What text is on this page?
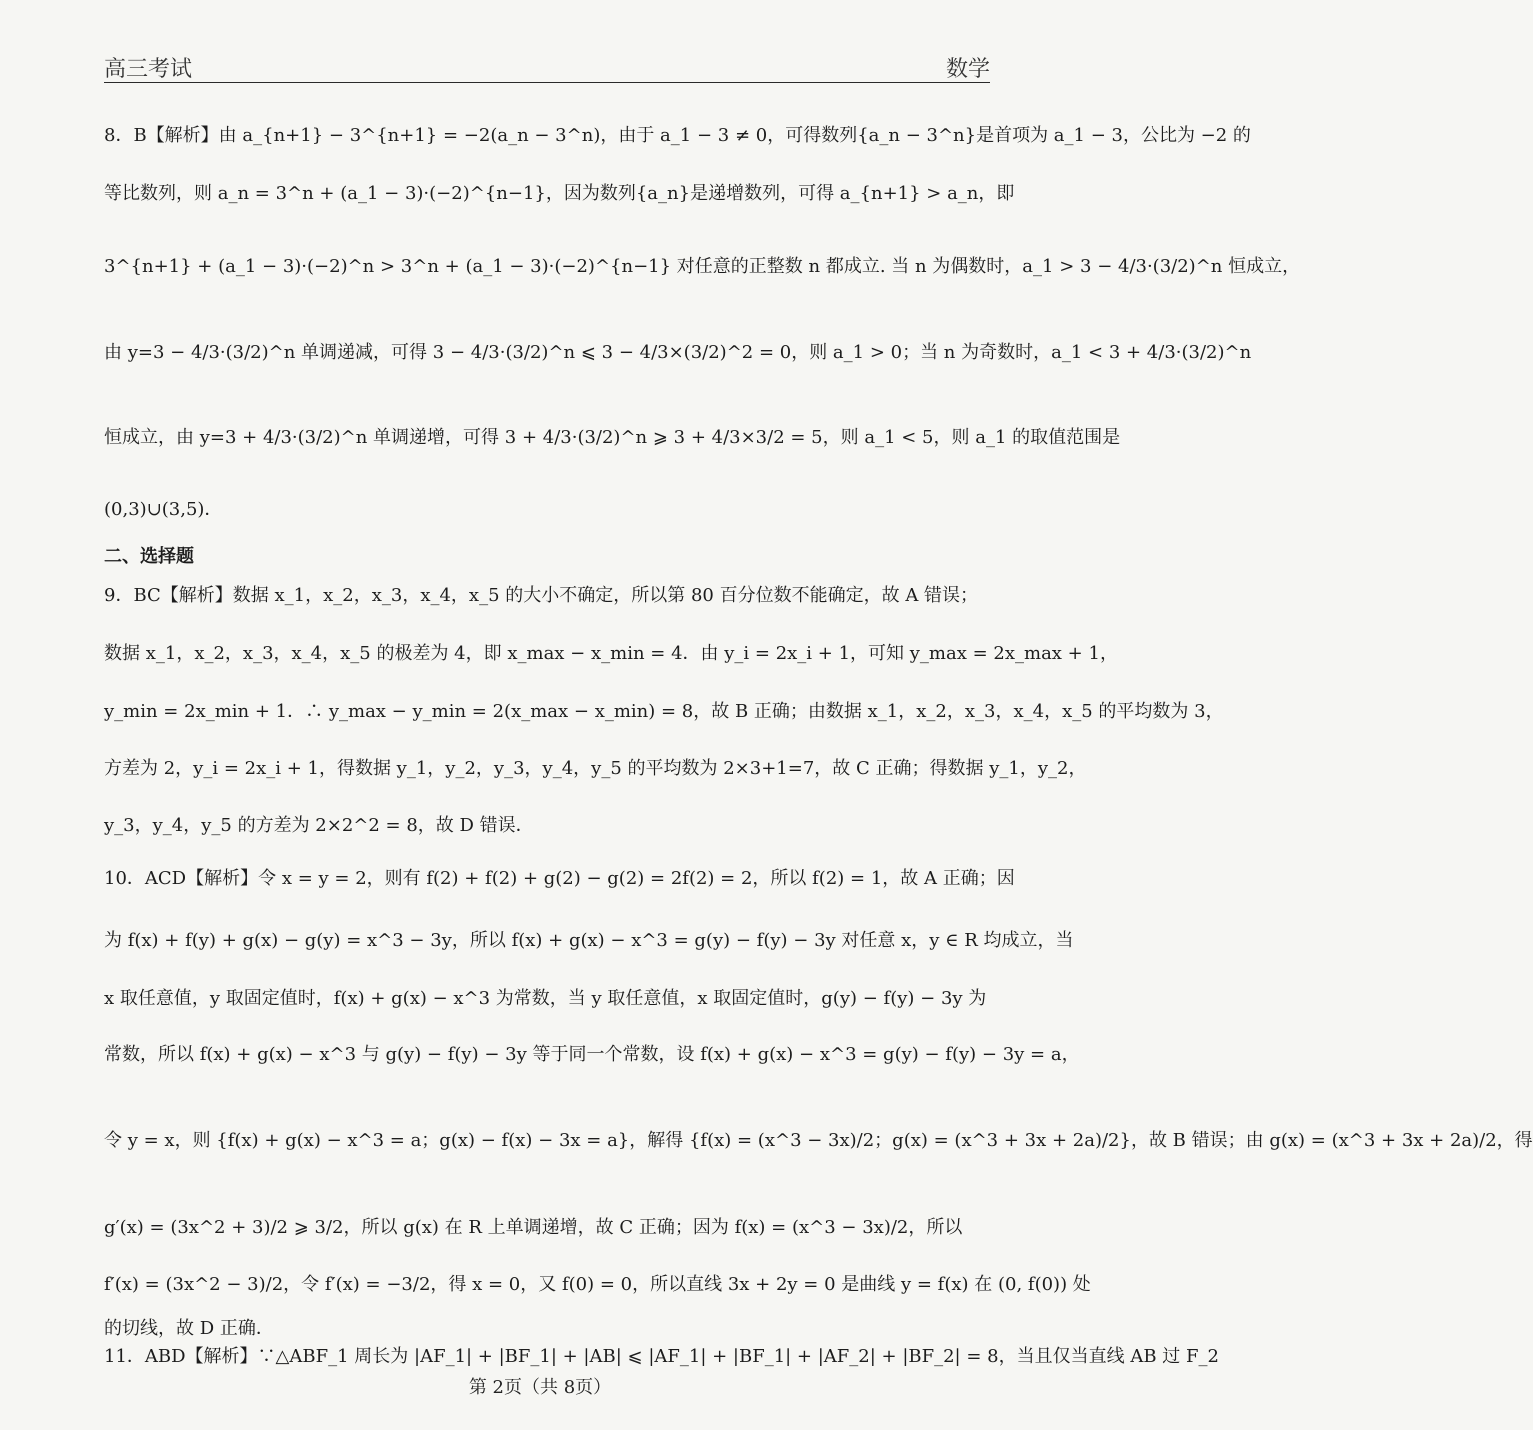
高三考试	数学
8．B【解析】由 a_{n+1} − 3^{n+1} = −2(a_n − 3^n)，由于 a_1 − 3 ≠ 0，可得数列{a_n − 3^n}是首项为 a_1 − 3，公比为 −2 的
等比数列，则 a_n = 3^n + (a_1 − 3)·(−2)^{n−1}，因为数列{a_n}是递增数列，可得 a_{n+1} > a_n，即
3^{n+1} + (a_1 − 3)·(−2)^n > 3^n + (a_1 − 3)·(−2)^{n−1} 对任意的正整数 n 都成立. 当 n 为偶数时，a_1 > 3 − 4/3·(3/2)^n 恒成立，
由 y=3 − 4/3·(3/2)^n 单调递减，可得 3 − 4/3·(3/2)^n ⩽ 3 − 4/3×(3/2)^2 = 0，则 a_1 > 0；当 n 为奇数时，a_1 < 3 + 4/3·(3/2)^n
恒成立，由 y=3 + 4/3·(3/2)^n 单调递增，可得 3 + 4/3·(3/2)^n ⩾ 3 + 4/3×3/2 = 5，则 a_1 < 5，则 a_1 的取值范围是
(0,3)∪(3,5)．
二、选择题
9．BC【解析】数据 x_1，x_2，x_3，x_4，x_5 的大小不确定，所以第 80 百分位数不能确定，故 A 错误；
数据 x_1，x_2，x_3，x_4，x_5 的极差为 4，即 x_max − x_min = 4．由 y_i = 2x_i + 1，可知 y_max = 2x_max + 1，
y_min = 2x_min + 1．∴ y_max − y_min = 2(x_max − x_min) = 8，故 B 正确；由数据 x_1，x_2，x_3，x_4，x_5 的平均数为 3，
方差为 2，y_i = 2x_i + 1，得数据 y_1，y_2，y_3，y_4，y_5 的平均数为 2×3+1=7，故 C 正确；得数据 y_1，y_2，
y_3，y_4，y_5 的方差为 2×2^2 = 8，故 D 错误．
10．ACD【解析】令 x = y = 2，则有 f(2) + f(2) + g(2) − g(2) = 2f(2) = 2，所以 f(2) = 1，故 A 正确；因
为 f(x) + f(y) + g(x) − g(y) = x^3 − 3y，所以 f(x) + g(x) − x^3 = g(y) − f(y) − 3y 对任意 x，y ∈ R 均成立，当
x 取任意值，y 取固定值时，f(x) + g(x) − x^3 为常数，当 y 取任意值，x 取固定值时，g(y) − f(y) − 3y 为
常数，所以 f(x) + g(x) − x^3 与 g(y) − f(y) − 3y 等于同一个常数，设 f(x) + g(x) − x^3 = g(y) − f(y) − 3y = a，
令 y = x，则 {f(x) + g(x) − x^3 = a；g(x) − f(x) − 3x = a}，解得 {f(x) = (x^3 − 3x)/2；g(x) = (x^3 + 3x + 2a)/2}，故 B 错误；由 g(x) = (x^3 + 3x + 2a)/2，得
g′(x) = (3x^2 + 3)/2 ⩾ 3/2，所以 g(x) 在 R 上单调递增，故 C 正确；因为 f(x) = (x^3 − 3x)/2，所以
f′(x) = (3x^2 − 3)/2，令 f′(x) = −3/2，得 x = 0，又 f(0) = 0，所以直线 3x + 2y = 0 是曲线 y = f(x) 在 (0, f(0)) 处
的切线，故 D 正确．
11．ABD【解析】∵△ABF_1 周长为 |AF_1| + |BF_1| + |AB| ⩽ |AF_1| + |BF_1| + |AF_2| + |BF_2| = 8，当且仅当直线 AB 过 F_2
第 2页（共 8页）
